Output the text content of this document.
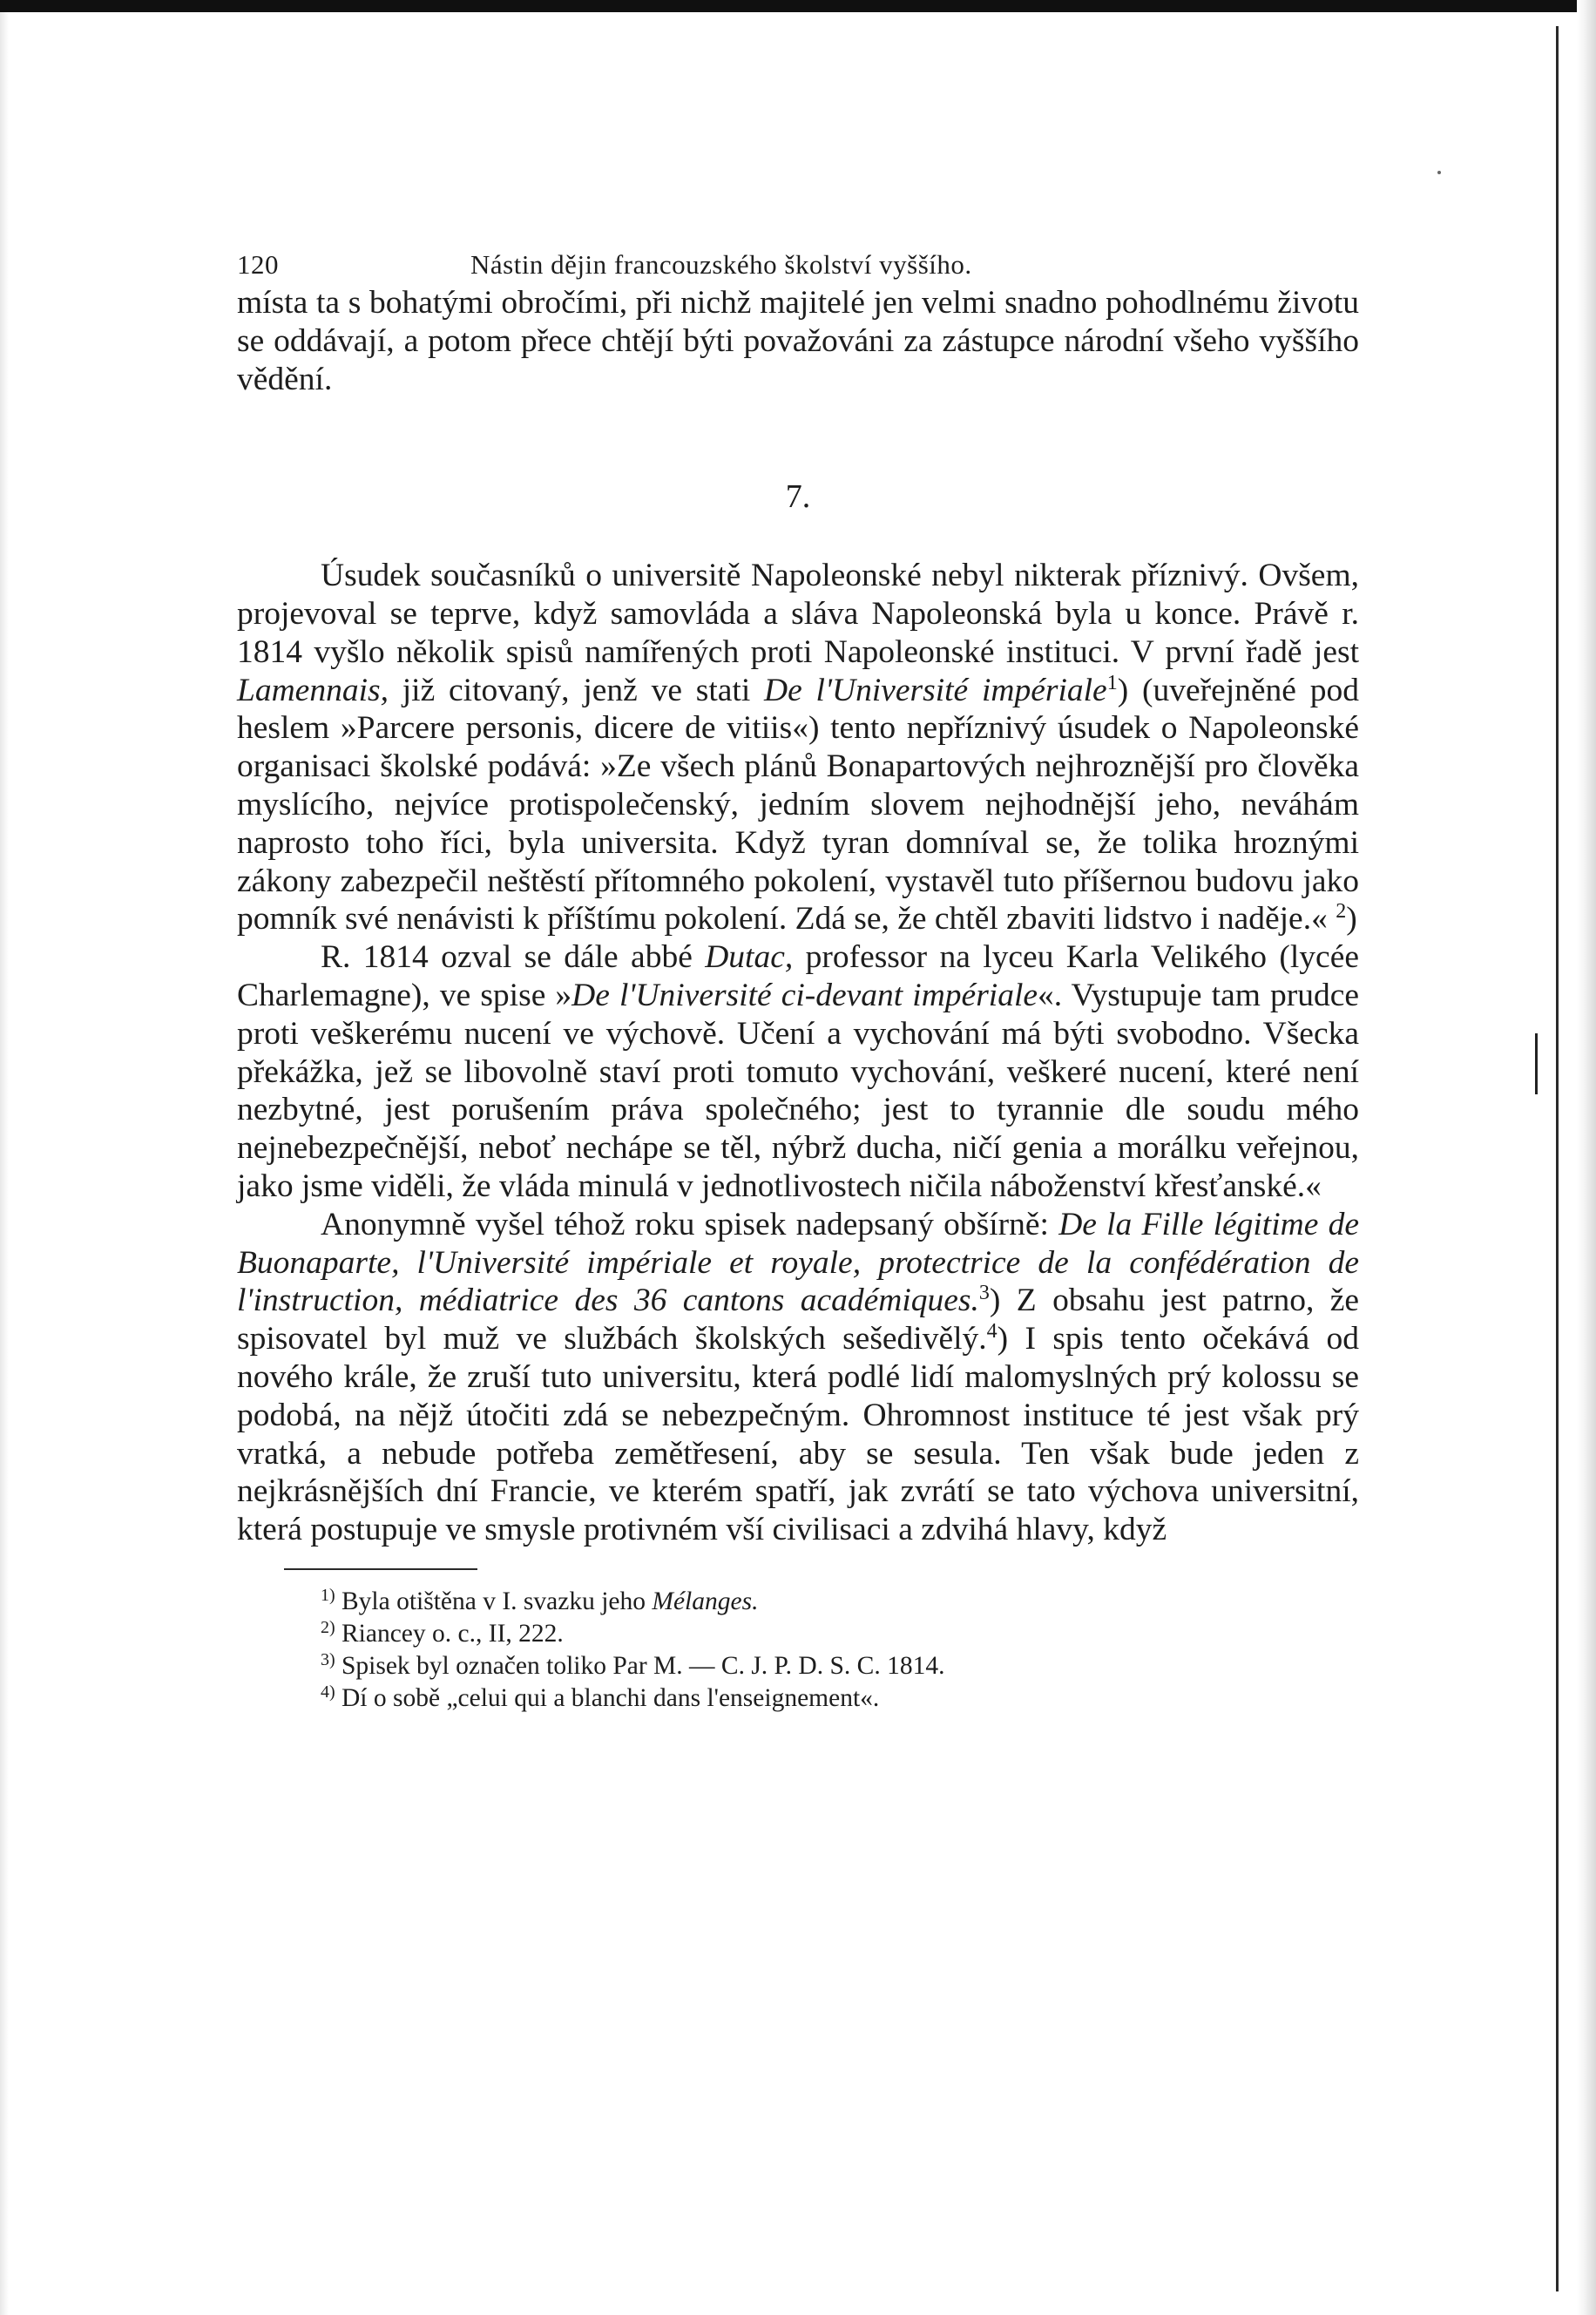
120	Nástin dějin francouzského školství vyššího.

místa ta s bohatými obročími, při nichž majitelé jen velmi snadno pohodlnému životu se oddávají, a potom přece chtějí býti považováni za zástupce národní všeho vyššího vědění.

7.

Úsudek současníků o universitě Napoleonské nebyl nikterak příznivý. Ovšem, projevoval se teprve, když samovláda a sláva Napoleonská byla u konce. Právě r. 1814 vyšlo několik spisů namířených proti Napoleonské instituci. V první řadě jest Lamennais, již citovaný, jenž ve stati De l'Université impériale$^1$) (uveřejněné pod heslem »Parcere personis, dicere de vitiis«) tento nepříznivý úsudek o Napoleonské organisaci školské podává: »Ze všech plánů Bonapartových nejhroznější pro člověka myslícího, nejvíce protispolečenský, jedním slovem nejhodnější jeho, neváhám naprosto toho říci, byla universita. Když tyran domníval se, že tolika hroznými zákony zabezpečil neštěstí přítomného pokolení, vystavěl tuto příšernou budovu jako pomník své nenávisti k příštímu pokolení. Zdá se, že chtěl zbaviti lidstvo i naděje.« $^2$)

R. 1814 ozval se dále abbé Dutac, professor na lyceu Karla Velikého (lycée Charlemagne), ve spise »De l'Université ci-devant impériale«. Vystupuje tam prudce proti veškerému nucení ve výchově. Učení a vychování má býti svobodno. Všecka překážka, jež se libovolně staví proti tomuto vychování, veškeré nucení, které není nezbytné, jest porušením práva společného; jest to tyrannie dle soudu mého nejnebezpečnější, neboť nechápe se těl, nýbrž ducha, ničí genia a morálku veřejnou, jako jsme viděli, že vláda minulá v jednotlivostech ničila náboženství křesťanské.«

Anonymně vyšel téhož roku spisek nadepsaný obšírně: De la Fille légitime de Buonaparte, l'Université impériale et royale, protectrice de la confédération de l'instruction, médiatrice des 36 cantons académiques.$^3$) Z obsahu jest patrno, že spisovatel byl muž ve službách školských sešedivělý.$^4$) I spis tento očekává od nového krále, že zruší tuto universitu, která podlé lidí malomyslných prý kolossu se podobá, na nějž útočiti zdá se nebezpečným. Ohromnost instituce té jest však prý vratká, a nebude potřeba zemětřesení, aby se sesula. Ten však bude jeden z nejkrásnějších dní Francie, ve kterém spatří, jak zvrátí se tato výchova universitní, která postupuje ve smysle protivném vší civilisaci a zdvihá hlavy, když

1) Byla otištěna v I. svazku jeho Mélanges.
2) Riancey o. c., II, 222.
3) Spisek byl označen toliko Par M. — C. J. P. D. S. C. 1814.
4) Dí o sobě „celui qui a blanchi dans l'enseignement«.
